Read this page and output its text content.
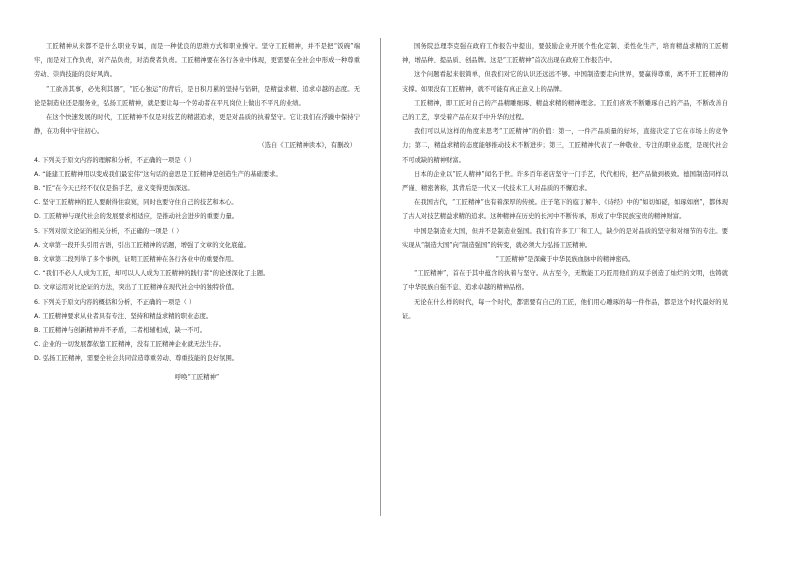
工匠精神从来都不是什么职业专属，而是一种优良的思维方式和职业操守。坚守工匠精神，并不是把“饭碗”端牢，而是对工作负责，对产品负责，对消费者负责。工匠精神要在各行各业中体现，更需要在全社会中形成一种尊重劳动、崇尚技能的良好风尚。

“工欲善其事，必先利其器”，“匠心独运”的背后，是日积月累的坚持与钻研，是精益求精、追求卓越的态度。无论是制造业还是服务业，弘扬工匠精神，就是要让每一个劳动者在平凡岗位上做出不平凡的业绩。

在这个快速发展的时代，工匠精神不仅是对技艺的精湛追求，更是对品质的执着坚守。它让我们在浮躁中保持宁静，在功利中守住初心。

（选自《工匠精神读本》，有删改）

4. 下列关于原文内容的理解和分析，不正确的一项是（ ）

A. “能建工匠精神用以变成我们最宏伟”这句话的意思是工匠精神是创造生产的基础要求。

B. “匠”在今天已经不仅仅是指手艺，意义变得更加深远。

C. 坚守工匠精神的匠人要耐得住寂寞，同时也要守住自己的技艺和本心。

D. 工匠精神与现代社会的发展要求相适应，是推动社会进步的重要力量。

5. 下列对原文论证的相关分析，不正确的一项是（ ）

A. 文章第一段开头引用古语，引出工匠精神的话题，增强了文章的文化底蕴。

B. 文章第二段列举了多个事例，证明工匠精神在各行各业中的重要作用。

C. “我们不必人人成为工匠，却可以人人成为工匠精神的践行者”的论述深化了主题。

D. 文章运用对比论证的方法，突出了工匠精神在现代社会中的独特价值。

6. 下列关于原文内容的概括和分析，不正确的一项是（ ）

A. 工匠精神要求从业者具有专注、坚持和精益求精的职业态度。

B. 工匠精神与创新精神并不矛盾，二者相辅相成，缺一不可。

C. 企业的一切发展都依靠工匠精神，没有工匠精神企业就无法生存。

D. 弘扬工匠精神，需要全社会共同营造尊重劳动、尊重技能的良好氛围。

呼唤“工匠精神”

国务院总理李克强在政府工作报告中提出，要鼓励企业开展个性化定制、柔性化生产，培育精益求精的工匠精神，增品种、提品质、创品牌。这是“工匠精神”首次出现在政府工作报告中。

这个问题看起来很简单，但我们对它的认识还远远不够。中国制造要走向世界，要赢得尊重，离不开工匠精神的支撑。如果没有工匠精神，就不可能有真正意义上的品牌。

工匠精神，即工匠对自己的产品精雕细琢、精益求精的精神理念。工匠们喜欢不断雕琢自己的产品，不断改善自己的工艺，享受着产品在双手中升华的过程。

我们可以从这样的角度来思考“工匠精神”的价值：第一，一件产品质量的好坏，直接决定了它在市场上的竞争力；第二，精益求精的态度能够推动技术不断进步；第三，工匠精神代表了一种敬业、专注的职业态度，是现代社会不可或缺的精神财富。

日本的企业以“匠人精神”闻名于世。许多百年老店坚守一门手艺，代代相传，把产品做到极致。德国制造同样以严谨、精密著称，其背后是一代又一代技术工人对品质的不懈追求。

在我国古代，“工匠精神”也有着深厚的传统。庄子笔下的庖丁解牛、《诗经》中的“如切如磋，如琢如磨”，都体现了古人对技艺精益求精的追求。这种精神在历史的长河中不断传承，形成了中华民族宝贵的精神财富。

中国是制造业大国，但并不是制造业强国。我们有许多工厂和工人，缺少的是对品质的坚守和对细节的专注。要实现从“制造大国”向“制造强国”的转变，就必须大力弘扬工匠精神。

“工匠精神”是深藏于中华民族血脉中的精神密码。

“工匠精神”，首在于其中蕴含的执着与坚守。从古至今，无数能工巧匠用他们的双手创造了灿烂的文明，也铸就了中华民族自强不息、追求卓越的精神品格。

无论在什么样的时代，每一个时代，都需要有自己的工匠，他们用心雕琢的每一件作品，都是这个时代最好的见证。
